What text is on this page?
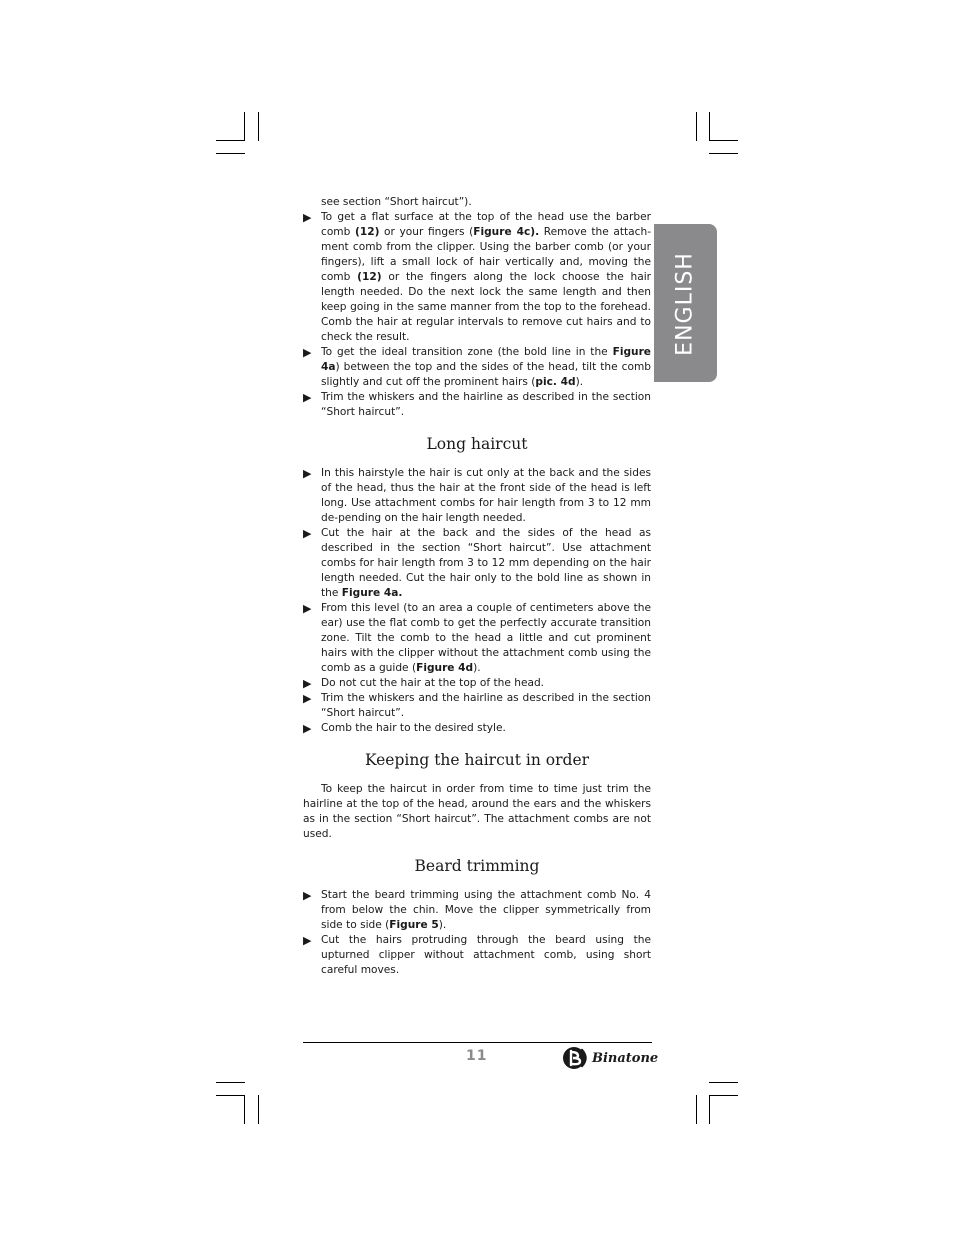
ENGLISH

see section “Short haircut”).

▶ To get a flat surface at the top of the head use the barber comb (12) or your fingers (Figure 4c). Remove the attach-ment comb from the clipper. Using the barber comb (or your fingers), lift a small lock of hair vertically and, moving the comb (12) or the fingers along the lock choose the hair length needed. Do the next lock the same length and then keep going in the same manner from the top to the forehead. Comb the hair at regular intervals to remove cut hairs and to check the result.
▶ To get the ideal transition zone (the bold line in the Figure 4a) between the top and the sides of the head, tilt the comb slightly and cut off the prominent hairs (pic. 4d).
▶ Trim the whiskers and the hairline as described in the section “Short haircut”.
Long haircut
▶ In this hairstyle the hair is cut only at the back and the sides of the head, thus the hair at the front side of the head is left long. Use attachment combs for hair length from 3 to 12 mm de-pending on the hair length needed.
▶ Cut the hair at the back and the sides of the head as described in the section “Short haircut”. Use attachment combs for hair length from 3 to 12 mm depending on the hair length needed. Cut the hair only to the bold line as shown in the Figure 4a.
▶ From this level (to an area a couple of centimeters above the ear) use the flat comb to get the perfectly accurate transition zone. Tilt the comb to the head a little and cut prominent hairs with the clipper without the attachment comb using the comb as a guide (Figure 4d).
▶ Do not cut the hair at the top of the head.
▶ Trim the whiskers and the hairline as described in the section “Short haircut”.
▶ Comb the hair to the desired style.
Keeping the haircut in order

To keep the haircut in order from time to time just trim the hairline at the top of the head, around the ears and the whiskers as in the section “Short haircut”. The attachment combs are not used.

Beard trimming
▶ Start the beard trimming using the attachment comb No. 4 from below the chin. Move the clipper symmetrically from side to side (Figure 5).
▶ Cut the hairs protruding through the beard using the upturned clipper without attachment comb, using short careful moves.
11	Binatone
